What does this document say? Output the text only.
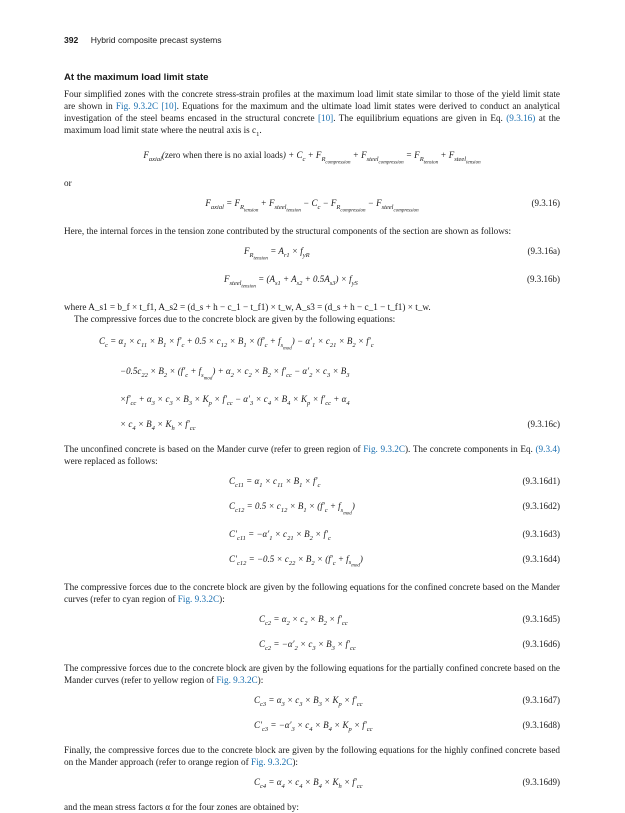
392 Hybrid composite precast systems
At the maximum load limit state

Four simplified zones with the concrete stress-strain profiles at the maximum load limit state similar to those of the yield limit state are shown in Fig. 9.3.2C [10]. Equations for the maximum and the ultimate load limit states were derived to conduct an analytical investigation of the steel beams encased in the structural concrete [10]. The equilibrium equations are given in Eq. (9.3.16) at the maximum load limit state where the neutral axis is $c_1$.

$F_{axial}(zero$ when there is no axial loads) + $C_c + F_{R_{compression}} + F_{steel_{compression}} = F_{R_{tension}} + F_{steel_{tension}}$

or

$F_{axial} = F_{R_{tension}} + F_{steel_{tension}} - C_c - F_{R_{compression}} - F_{steel_{compression}}$
(9.3.16)

Here, the internal forces in the tension zone contributed by the structural components of the section are shown as follows:

$F_{R_{tension}} = A_{r1} \times f_{yR}$	(9.3.16a)
$F_{steel_{tension}} = (A_{s1} + A_{s2} + 0.5A_{s3}) \times f_{yS}$	(9.3.16b)

where A_s1 = b_f × t_f1, A_s2 = (d_s + h − c_1 − t_f1) × t_w, A_s3 = (d_s + h − c_1 − t_f1) × t_w.

The compressive forces due to the concrete block are given by the following equations:

$C_c = \alpha_1 \times c_{11} \times B_1 \times f'_c + 0.5 \times c_{12} \times B_1 \times (f'_c + f_{s_{mod}}) - \alpha'_1 \times c_{21} \times B_2 \times f'_c$
$-0.5c_{22} \times B_2 \times (f'_c + f_{s_{mod}}) + \alpha_2 \times c_2 \times B_2 \times f'_{cc} - \alpha'_2 \times c_3 \times B_3$
$\times f'_{cc} + \alpha_3 \times c_3 \times B_3 \times K_p \times f'_{cc} - \alpha'_3 \times c_4 \times B_4 \times K_p \times f'_{cc} + \alpha_4$
× $c_4 \times B_4 \times K_h \times f'_{cc}$	(9.3.16c)

The unconfined concrete is based on the Mander curve (refer to green region of Fig. 9.3.2C). The concrete components in Eq. (9.3.4) were replaced as follows:

$C_{c11} = \alpha_1 \times c_{11} \times B_1 \times f'_c$	(9.3.16d1)
$C_{c12} = 0.5 \times c_{12} \times B_1 \times (f'_c + f_{s_{mod}})$	(9.3.16d2)
$C'_{c11} = -\alpha'_1 \times c_{21} \times B_2 \times f'_c$	(9.3.16d3)
$C'_{c12} = -0.5 \times c_{22} \times B_2 \times (f'_c + f_{s_{mod}})$	(9.3.16d4)

The compressive forces due to the concrete block are given by the following equations for the confined concrete based on the Mander curves (refer to cyan region of Fig. 9.3.2C):

$C_{c2} = \alpha_2 \times c_2 \times B_2 \times f'_{cc}$	(9.3.16d5)
$C_{c2} = -\alpha'_2 \times c_3 \times B_3 \times f'_{cc}$	(9.3.16d6)

The compressive forces due to the concrete block are given by the following equations for the partially confined concrete based on the Mander curves (refer to yellow region of Fig. 9.3.2C):

$C_{c3} = \alpha_3 \times c_3 \times B_3 \times K_p \times f'_{cc}$	(9.3.16d7)
$C'_{c3} = -\alpha'_3 \times c_4 \times B_4 \times K_p \times f'_{cc}$	(9.3.16d8)

Finally, the compressive forces due to the concrete block are given by the following equations for the highly confined concrete based on the Mander approach (refer to orange region of Fig. 9.3.2C):

$C_{c4} = \alpha_4 \times c_4 \times B_4 \times K_h \times f'_{cc}$	(9.3.16d9)

and the mean stress factors α for the four zones are obtained by:
